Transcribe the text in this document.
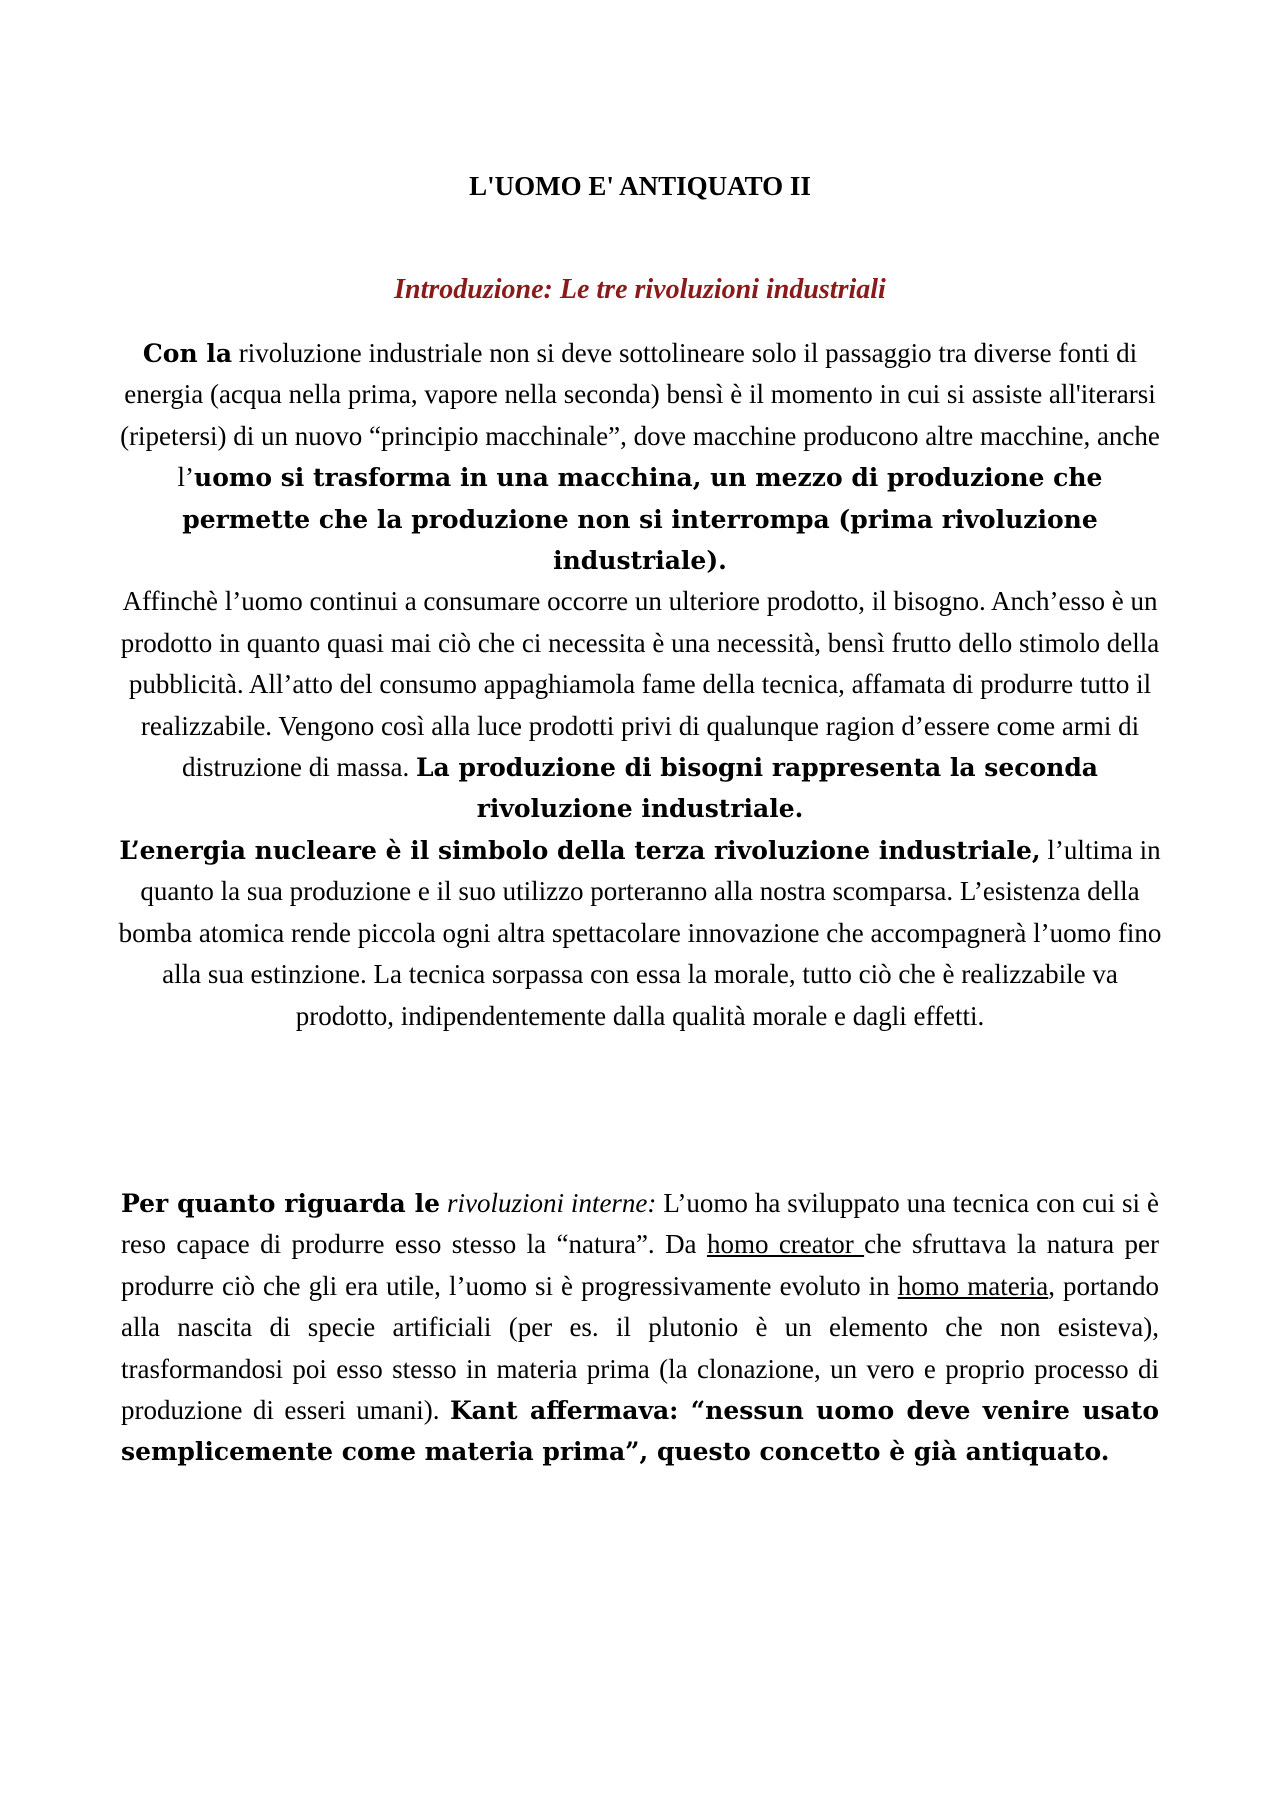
L'UOMO E' ANTIQUATO II
Introduzione: Le tre rivoluzioni industriali

Con la rivoluzione industriale non si deve sottolineare solo il passaggio tra diverse fonti di energia (acqua nella prima, vapore nella seconda) bensì è il momento in cui si assiste all'iterarsi (ripetersi) di un nuovo “principio macchinale”, dove macchine producono altre macchine, anche l’uomo si trasforma in una macchina, un mezzo di produzione che permette che la produzione non si interrompa (prima rivoluzione industriale).

Affinchè l’uomo continui a consumare occorre un ulteriore prodotto, il bisogno. Anch’esso è un prodotto in quanto quasi mai ciò che ci necessita è una necessità, bensì frutto dello stimolo della pubblicità. All’atto del consumo appaghiamola fame della tecnica, affamata di produrre tutto il realizzabile. Vengono così alla luce prodotti privi di qualunque ragion d’essere come armi di distruzione di massa. La produzione di bisogni rappresenta la seconda rivoluzione industriale.

L’energia nucleare è il simbolo della terza rivoluzione industriale, l’ultima in quanto la sua produzione e il suo utilizzo porteranno alla nostra scomparsa. L’esistenza della bomba atomica rende piccola ogni altra spettacolare innovazione che accompagnerà l’uomo fino alla sua estinzione. La tecnica sorpassa con essa la morale, tutto ciò che è realizzabile va prodotto, indipendentemente dalla qualità morale e dagli effetti.

Per quanto riguarda le rivoluzioni interne: L’uomo ha sviluppato una tecnica con cui si è reso capace di produrre esso stesso la “natura”. Da homo creator che sfruttava la natura per produrre ciò che gli era utile, l’uomo si è progressivamente evoluto in homo materia, portando alla nascita di specie artificiali (per es. il plutonio è un elemento che non esisteva), trasformandosi poi esso stesso in materia prima (la clonazione, un vero e proprio processo di produzione di esseri umani). Kant affermava: “nessun uomo deve venire usato semplicemente come materia prima”, questo concetto è già antiquato.
